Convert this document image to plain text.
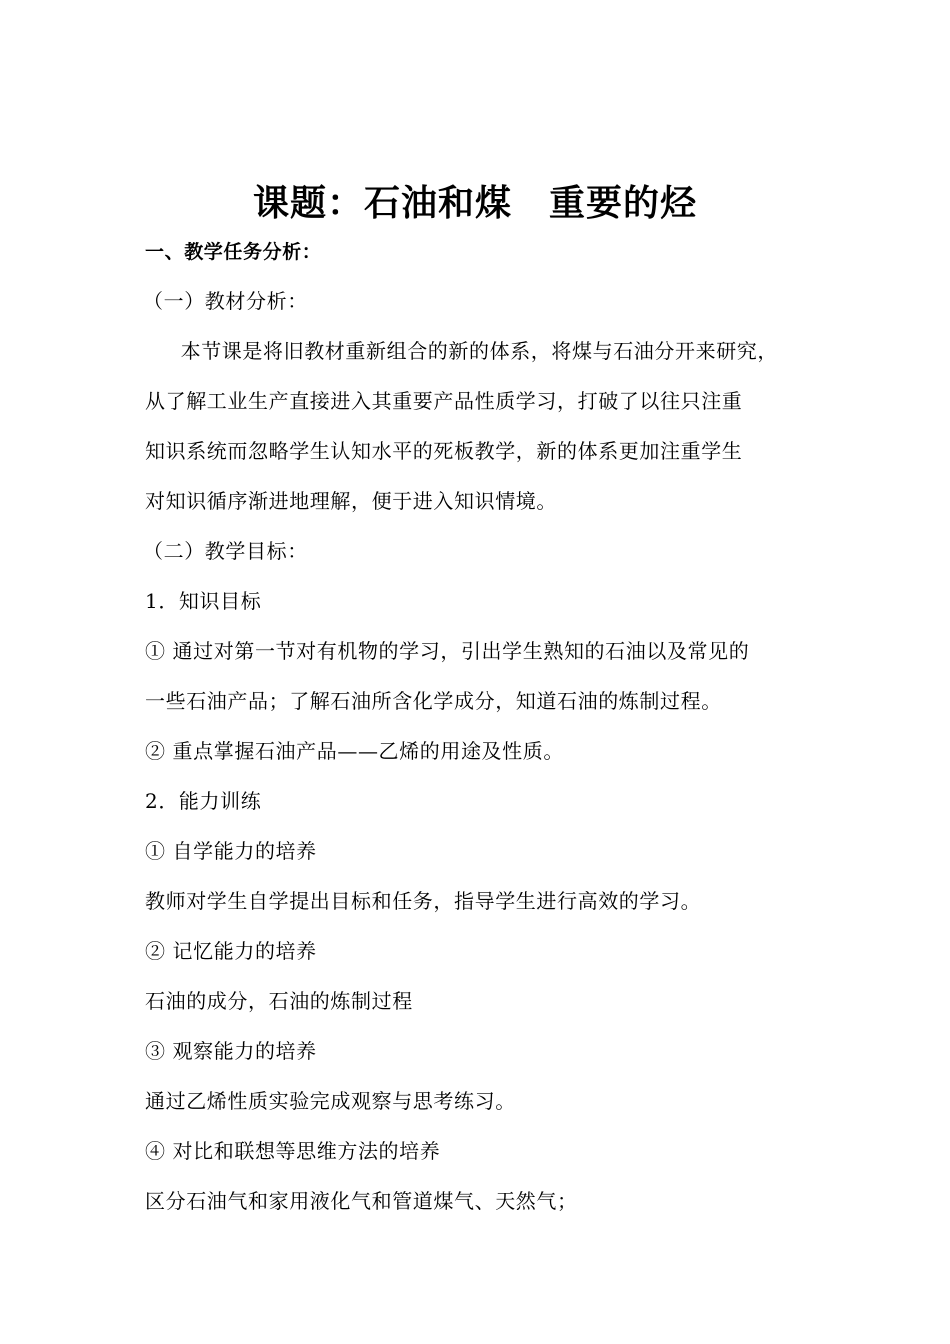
课题：石油和煤　重要的烃
一、教学任务分析：
（一）教材分析：
　本节课是将旧教材重新组合的新的体系，将煤与石油分开来研究，
从了解工业生产直接进入其重要产品性质学习，打破了以往只注重
知识系统而忽略学生认知水平的死板教学，新的体系更加注重学生
对知识循序渐进地理解，便于进入知识情境。
（二）教学目标：
1．知识目标
① 通过对第一节对有机物的学习，引出学生熟知的石油以及常见的
一些石油产品；了解石油所含化学成分，知道石油的炼制过程。
② 重点掌握石油产品——乙烯的用途及性质。
2．能力训练
① 自学能力的培养
教师对学生自学提出目标和任务，指导学生进行高效的学习。
② 记忆能力的培养
石油的成分，石油的炼制过程
③ 观察能力的培养
通过乙烯性质实验完成观察与思考练习。
④ 对比和联想等思维方法的培养
区分石油气和家用液化气和管道煤气、天然气；
